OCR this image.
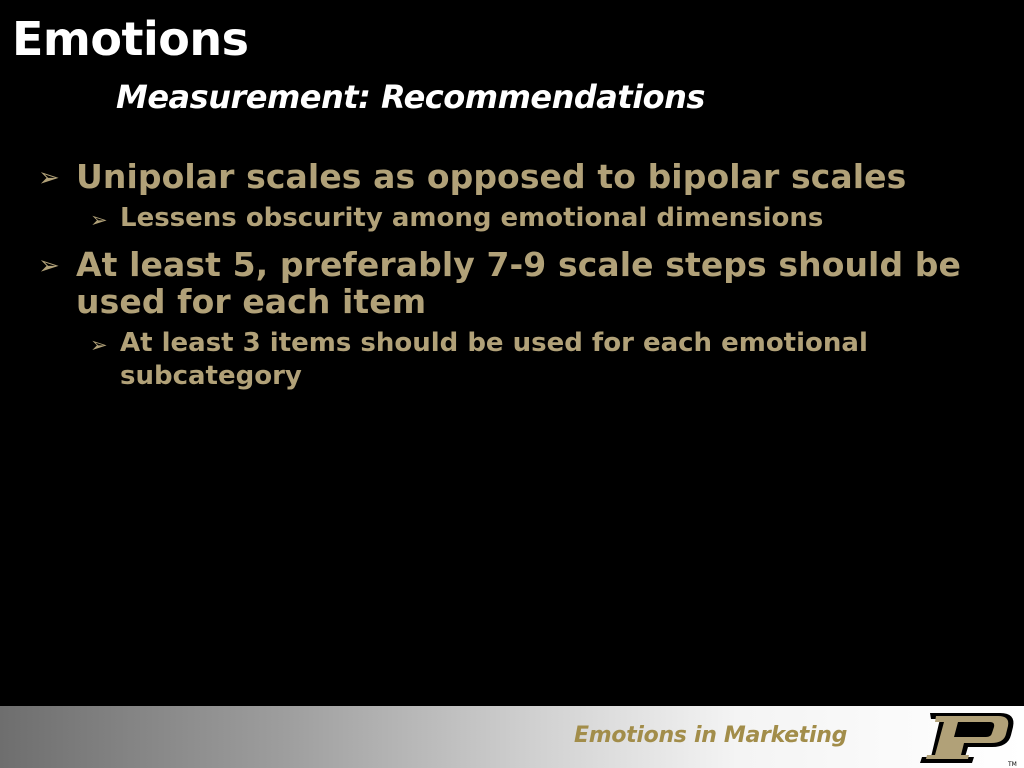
Emotions
Measurement: Recommendations
➢ Unipolar scales as opposed to bipolar scales
➢ Lessens obscurity among emotional dimensions
➢ At least 5, preferably 7-9 scale steps should be used for each item
➢ At least 3 items should be used for each emotional subcategory
Emotions in Marketing
TM
